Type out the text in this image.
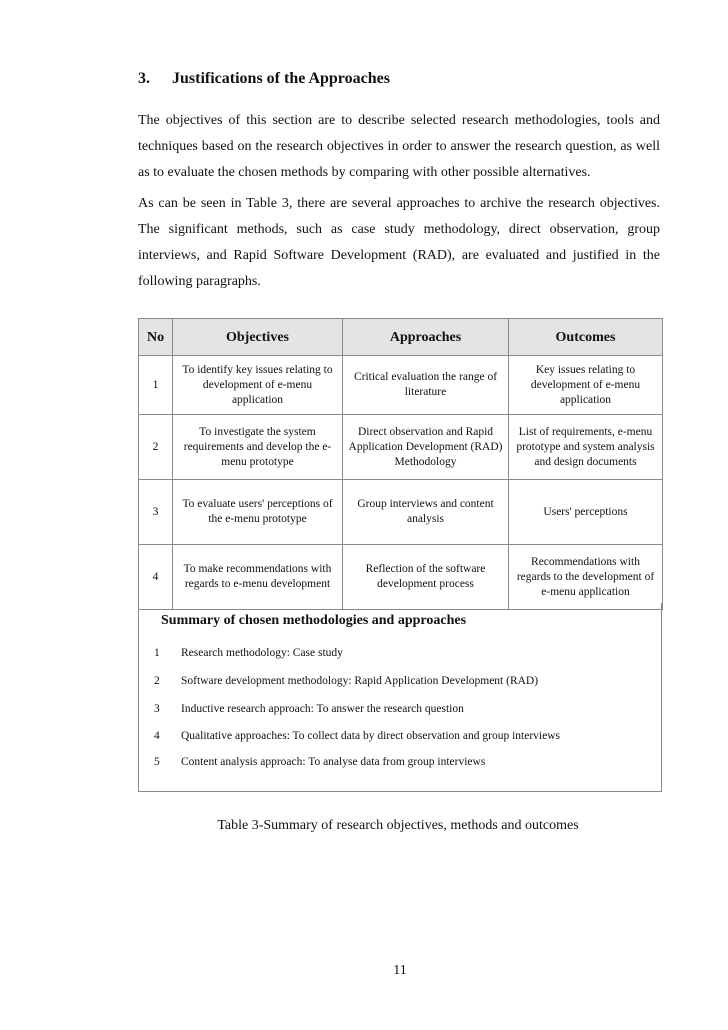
3. Justifications of the Approaches
The objectives of this section are to describe selected research methodologies, tools and techniques based on the research objectives in order to answer the research question, as well as to evaluate the chosen methods by comparing with other possible alternatives.
As can be seen in Table 3, there are several approaches to archive the research objectives. The significant methods, such as case study methodology, direct observation, group interviews, and Rapid Software Development (RAD), are evaluated and justified in the following paragraphs.
No	Objectives	Approaches	Outcomes
1	To identify key issues relating to development of e-menu application	Critical evaluation the range of literature	Key issues relating to development of e-menu application
2	To investigate the system requirements and develop the e-menu prototype	Direct observation and Rapid Application Development (RAD) Methodology	List of requirements, e-menu prototype and system analysis and design documents
3	To evaluate users' perceptions of the e-menu prototype	Group interviews and content analysis	Users' perceptions
4	To make recommendations with regards to e-menu development	Reflection of the software development process	Recommendations with regards to the development of e-menu application
Summary of chosen methodologies and approaches
1 Research methodology: Case study
2 Software development methodology: Rapid Application Development (RAD)
3 Inductive research approach: To answer the research question
4 Qualitative approaches: To collect data by direct observation and group interviews
5 Content analysis approach: To analyse data from group interviews
Table 3-Summary of research objectives, methods and outcomes
11
